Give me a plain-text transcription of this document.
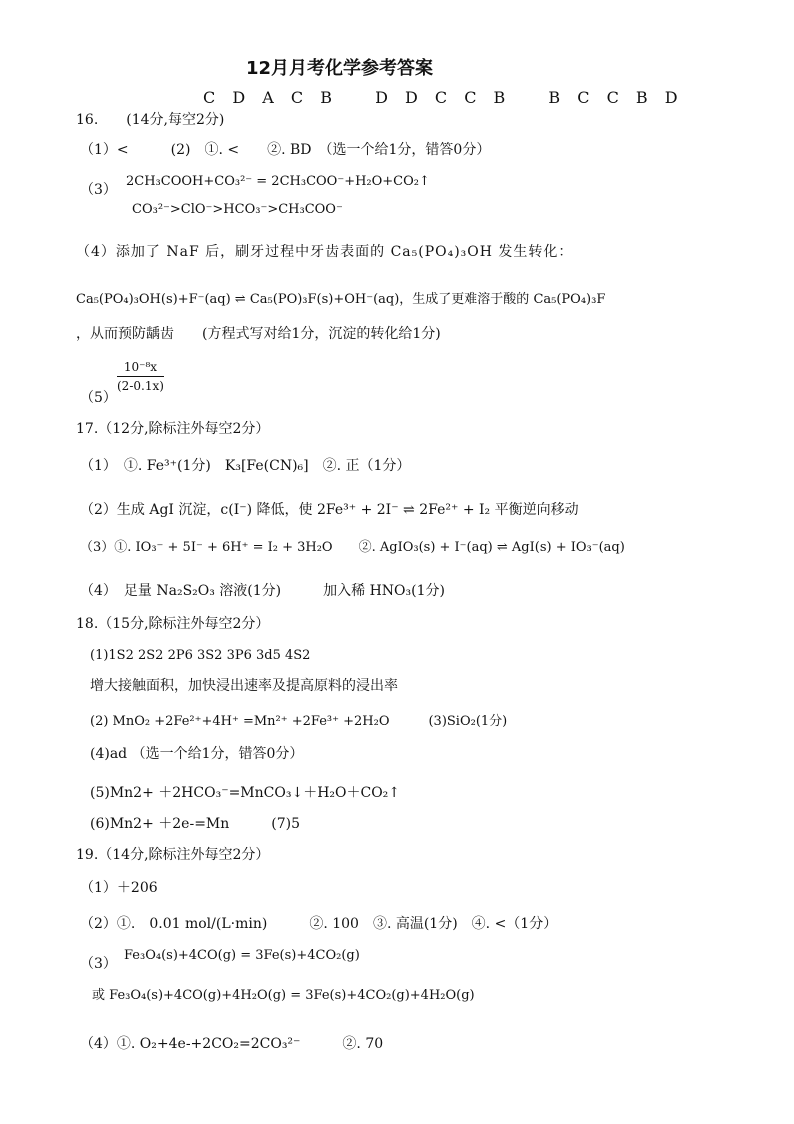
12月月考化学参考答案
C D A C B D D C C B B C C B D
16.　　(14分,每空2分)
（1）<　　　(2)　①. <　　②. BD　（选一个给1分，错答0分）
（3）
2CH₃COOH+CO₃²⁻ = 2CH₃COO⁻+H₂O+CO₂↑
CO₃²⁻>ClO⁻>HCO₃⁻>CH₃COO⁻
（4）添加了 NaF 后，刷牙过程中牙齿表面的 Ca₅(PO₄)₃OH 发生转化：
Ca₅(PO₄)₃OH(s)+F⁻(aq) ⇌ Ca₅(PO)₃F(s)+OH⁻(aq)，生成了更难溶于酸的 Ca₅(PO₄)₃F
，从而预防龋齿　　(方程式写对给1分，沉淀的转化给1分)
（5）
$\frac{\text{10⁻⁸x}}{(2-0.1x)}$
17.（12分,除标注外每空2分）
（1）　①. Fe³⁺(1分)　K₃[Fe(CN)₆]　②. 正（1分）
（2）生成 AgI 沉淀，c(I⁻) 降低，使 2Fe³⁺ + 2I⁻ ⇌ 2Fe²⁺ + I₂ 平衡逆向移动
（3）①. IO₃⁻ + 5I⁻ + 6H⁺ = I₂ + 3H₂O　　②. AgIO₃(s) + I⁻(aq) ⇌ AgI(s) + IO₃⁻(aq)
（4）　足量 Na₂S₂O₃ 溶液(1分)　　　加入稀 HNO₃(1分)
18.（15分,除标注外每空2分）
(1)1S2 2S2 2P6 3S2 3P6 3d5 4S2
增大接触面积，加快浸出速率及提高原料的浸出率
(2) MnO₂ +2Fe²⁺+4H⁺ =Mn²⁺ +2Fe³⁺ +2H₂O　　　(3)SiO₂(1分)
(4)ad （选一个给1分，错答0分）
(5)Mn2+ ＋2HCO₃⁻=MnCO₃↓＋H₂O＋CO₂↑
(6)Mn2+ ＋2e-=Mn　　　(7)5
19.（14分,除标注外每空2分）
（1）＋206
（2）①.　0.01 mol/(L·min)　　　②. 100　③. 高温(1分)　④. <（1分）
（3）
Fe₃O₄(s)+4CO(g) = 3Fe(s)+4CO₂(g)
或 Fe₃O₄(s)+4CO(g)+4H₂O(g) = 3Fe(s)+4CO₂(g)+4H₂O(g)
（4）①. O₂+4e-+2CO₂=2CO₃²⁻　　　②. 70
